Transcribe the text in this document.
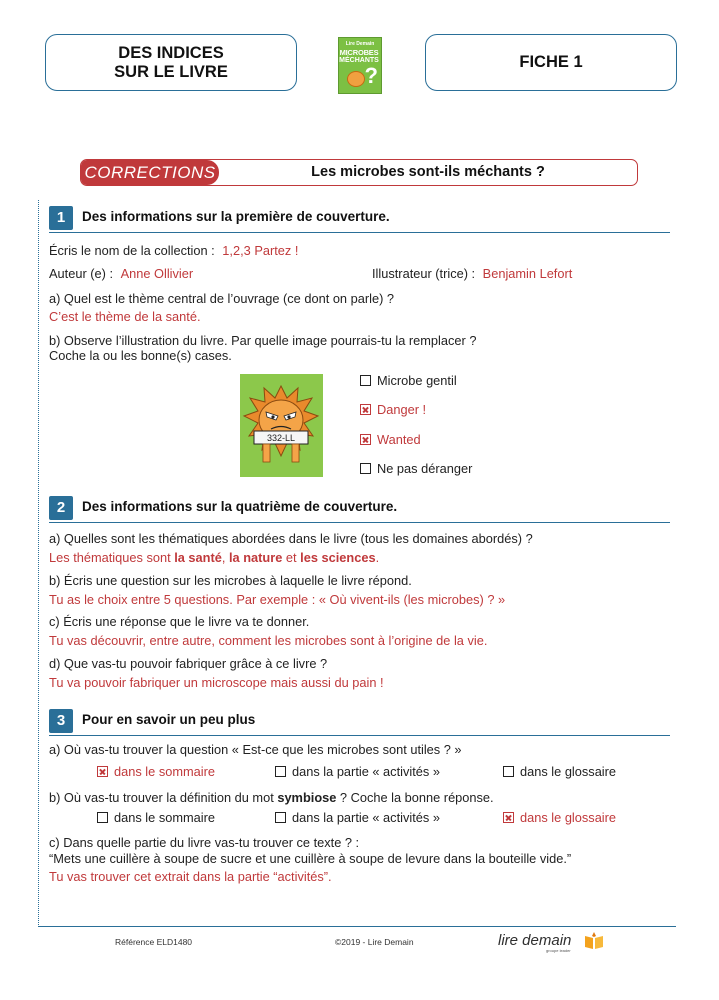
DES INDICES
SUR LE LIVRE
Lire Demain
MICROBES
MÉCHANTS
?
FICHE 1
CORRECTIONS	Les microbes sont-ils méchants ?
1	Des informations sur la première de couverture.
Écris le nom de la collection : 1,2,3 Partez !
Auteur (e) : Anne Ollivier	Illustrateur (trice) : Benjamin Lefort
a) Quel est le thème central de l’ouvrage (ce dont on parle) ?
C’est le thème de la santé.
b) Observe l’illustration du livre. Par quelle image pourrais-tu la remplacer ?
Coche la ou les bonne(s) cases.
332-LL
Microbe gentil
Danger !
Wanted
Ne pas déranger
2	Des informations sur la quatrième de couverture.
a) Quelles sont les thématiques abordées dans le livre (tous les domaines abordés) ?
Les thématiques sont la santé, la nature et les sciences.
b) Écris une question sur les microbes à laquelle le livre répond.
Tu as le choix entre 5 questions. Par exemple : « Où vivent-ils (les microbes) ? »
c) Écris une réponse que le livre va te donner.
Tu vas découvrir, entre autre, comment les microbes sont à l’origine de la vie.
d) Que vas-tu pouvoir fabriquer grâce à ce livre ?
Tu va pouvoir fabriquer un microscope mais aussi du pain !
3	Pour en savoir un peu plus
a) Où vas-tu trouver la question « Est-ce que les microbes sont utiles ? »
dans le sommaire	dans la partie « activités »	dans le glossaire
b) Où vas-tu trouver la définition du mot symbiose ? Coche la bonne réponse.
dans le sommaire	dans la partie « activités »	dans le glossaire
c) Dans quelle partie du livre vas-tu trouver ce texte ? :
“Mets une cuillère à soupe de sucre et une cuillère à soupe de levure dans la bouteille vide.”
Tu vas trouver cet extrait dans la partie “activités”.
Référence ELD1480	©2019 - Lire Demain	lire demain
groupe leader
